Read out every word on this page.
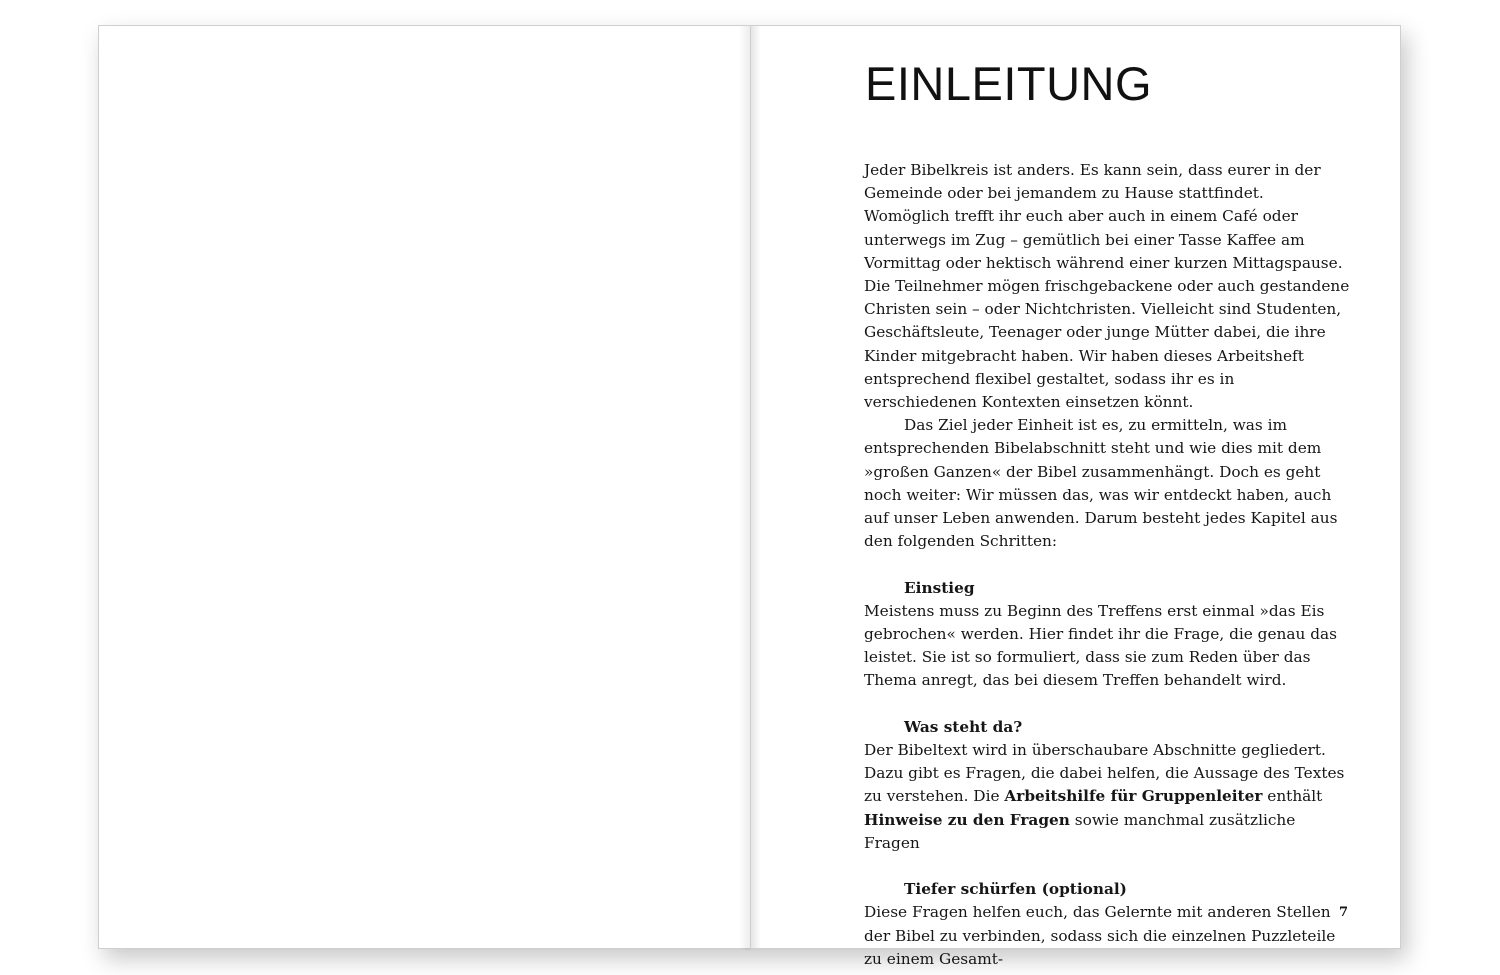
EINLEITUNG

Jeder Bibelkreis ist anders. Es kann sein, dass eurer in der Gemeinde oder bei jemandem zu Hause stattfindet. Womöglich trefft ihr euch aber auch in einem Café oder unterwegs im Zug – gemütlich bei einer Tasse Kaffee am Vormittag oder hektisch während einer kurzen Mittagspause. Die Teilnehmer mögen frischgebackene oder auch gestandene Christen sein – oder Nichtchristen. Vielleicht sind Studenten, Geschäftsleute, Teenager oder junge Mütter dabei, die ihre Kinder mitgebracht haben. Wir haben dieses Arbeitsheft entsprechend flexibel gestaltet, sodass ihr es in verschiedenen Kontexten einsetzen könnt.

Das Ziel jeder Einheit ist es, zu ermitteln, was im entsprechenden Bibelabschnitt steht und wie dies mit dem »großen Ganzen« der Bibel zusammenhängt. Doch es geht noch weiter: Wir müssen das, was wir entdeckt haben, auch auf unser Leben anwenden. Darum besteht jedes Kapitel aus den folgenden Schritten:

Einstieg

Meistens muss zu Beginn des Treffens erst einmal »das Eis gebrochen« werden. Hier findet ihr die Frage, die genau das leistet. Sie ist so formuliert, dass sie zum Reden über das Thema anregt, das bei diesem Treffen behandelt wird.

Was steht da?

Der Bibeltext wird in überschaubare Abschnitte gegliedert. Dazu gibt es Fragen, die dabei helfen, die Aussage des Textes zu verstehen. Die Arbeitshilfe für Gruppenleiter enthält Hinweise zu den Fragen sowie manchmal zusätzliche Fragen

Tiefer schürfen (optional)

Diese Fragen helfen euch, das Gelernte mit anderen Stellen der Bibel zu verbinden, sodass sich die einzelnen Puzzleteile zu einem Gesamt-

7
